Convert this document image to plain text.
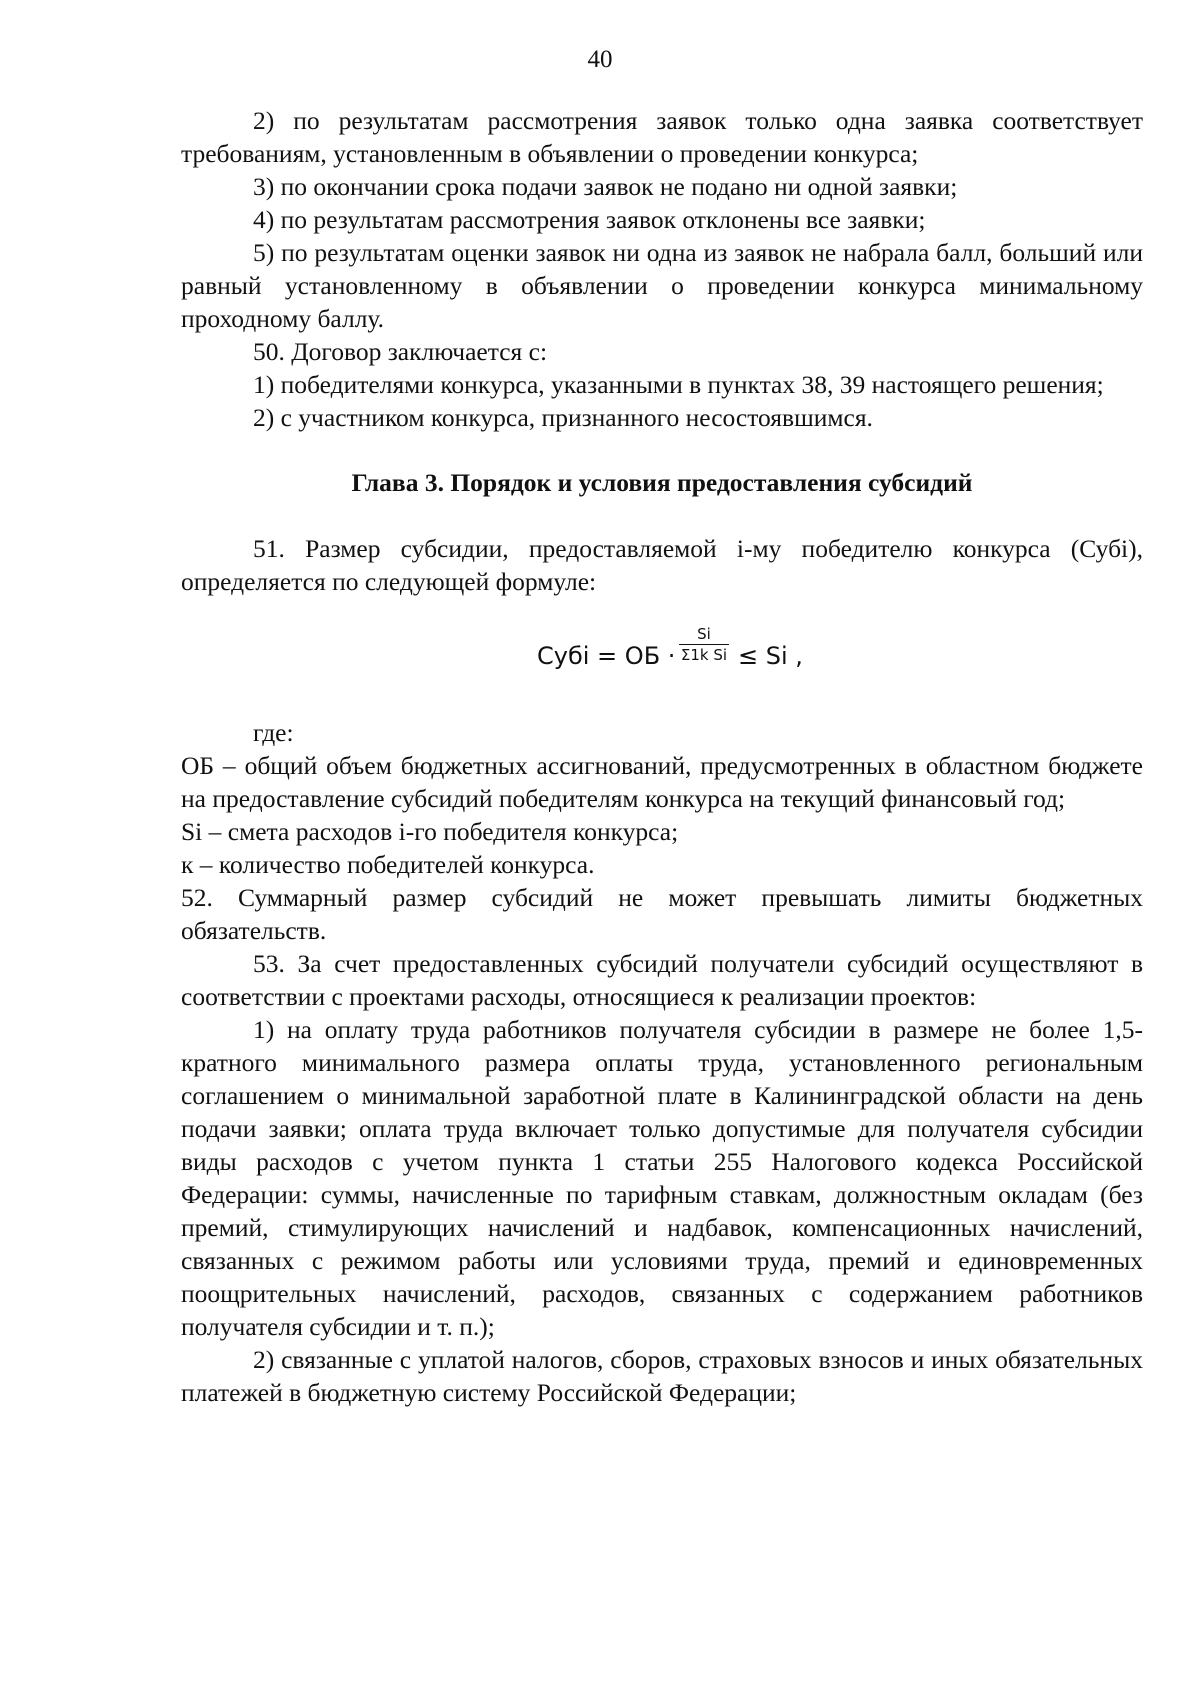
40

2) по результатам рассмотрения заявок только одна заявка соответствует требованиям, установленным в объявлении о проведении конкурса;

3) по окончании срока подачи заявок не подано ни одной заявки;

4) по результатам рассмотрения заявок отклонены все заявки;

5) по результатам оценки заявок ни одна из заявок не набрала балл, больший или равный установленному в объявлении о проведении конкурса минимальному проходному баллу.

50. Договор заключается с:

1) победителями конкурса, указанными в пунктах 38, 39 настоящего решения;

2) с участником конкурса, признанного несостоявшимся.

Глава 3. Порядок и условия предоставления субсидий

51. Размер субсидии, предоставляемой i-му победителю конкурса (Субi), определяется по следующей формуле:

Субi = ОБ · $\frac{Si}{\text{Σ1k Si}} \le Si$ ,

где:

ОБ – общий объем бюджетных ассигнований, предусмотренных в областном бюджете на предоставление субсидий победителям конкурса на текущий финансовый год;

Si – смета расходов i-го победителя конкурса;

к – количество победителей конкурса.

52. Суммарный размер субсидий не может превышать лимиты бюджетных обязательств.

53. За счет предоставленных субсидий получатели субсидий осуществляют в соответствии с проектами расходы, относящиеся к реализации проектов:

1) на оплату труда работников получателя субсидии в размере не более 1,5-кратного минимального размера оплаты труда, установленного региональным соглашением о минимальной заработной плате в Калининградской области на день подачи заявки; оплата труда включает только допустимые для получателя субсидии виды расходов с учетом пункта 1 статьи 255 Налогового кодекса Российской Федерации: суммы, начисленные по тарифным ставкам, должностным окладам (без премий, стимулирующих начислений и надбавок, компенсационных начислений, связанных с режимом работы или условиями труда, премий и единовременных поощрительных начислений, расходов, связанных с содержанием работников получателя субсидии и т. п.);

2) связанные с уплатой налогов, сборов, страховых взносов и иных обязательных платежей в бюджетную систему Российской Федерации;
